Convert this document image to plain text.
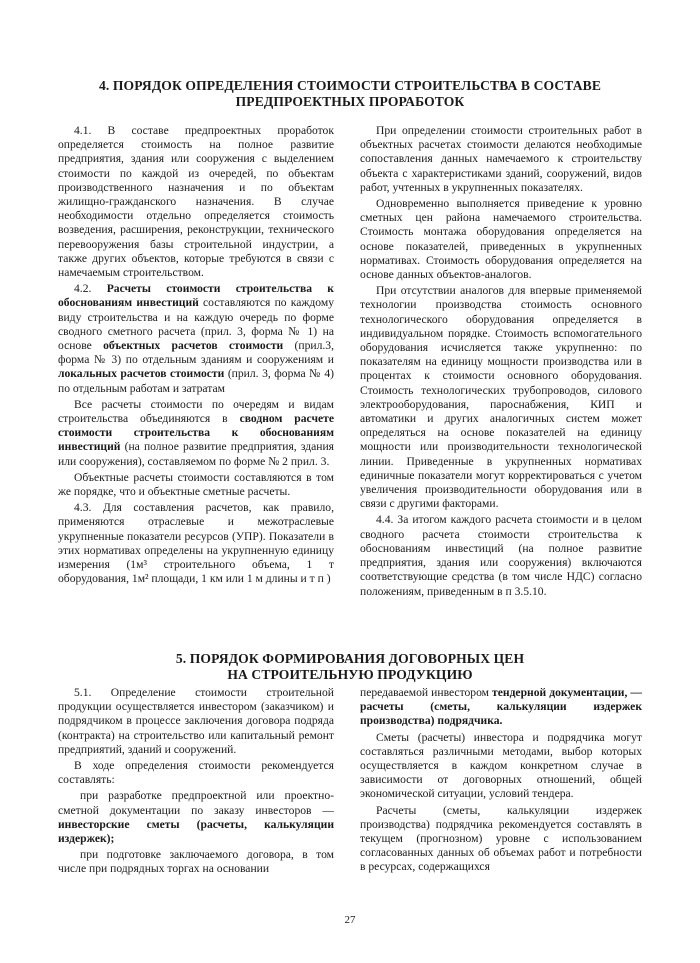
4. ПОРЯДОК ОПРЕДЕЛЕНИЯ СТОИМОСТИ СТРОИТЕЛЬСТВА В СОСТАВЕ
ПРЕДПРОЕКТНЫХ ПРОРАБОТОК

4.1. В составе предпроектных проработок определяется стоимость на полное развитие предприятия, здания или сооружения с выделением стоимости по каждой из очередей, по объектам производственного назначения и по объектам жилищно-гражданского назначения. В случае необходимости отдельно определяется стоимость возведения, расширения, реконструкции, технического перевооружения базы строительной индустрии, а также других объектов, которые требуются в связи с намечаемым строительством.

4.2. Расчеты стоимости строительства к обоснованиям инвестиций составляются по каждому виду строительства и на каждую очередь по форме сводного сметного расчета (прил. 3, форма № 1) на основе объектных расчетов стоимости (прил.3, форма № 3) по отдельным зданиям и сооружениям и локальных расчетов стоимости (прил. 3, форма № 4) по отдельным работам и затратам

Все расчеты стоимости по очередям и видам строительства объединяются в сводном расчете стоимости строительства к обоснованиям инвестиций (на полное развитие предприятия, здания или сооружения), составляемом по форме № 2 прил. 3.

Объектные расчеты стоимости составляются в том же порядке, что и объектные сметные расчеты.

4.3. Для составления расчетов, как правило, применяются отраслевые и межотраслевые укрупненные показатели ресурсов (УПР). Показатели в этих нормативах определены на укрупненную единицу измерения (1м³ строительного объема, 1 т оборудования, 1м² площади, 1 км или 1 м длины и т п )

При определении стоимости строительных работ в объектных расчетах стоимости делаются необходимые сопоставления данных намечаемого к строительству объекта с характеристиками зданий, сооружений, видов работ, учтенных в укрупненных показателях.

Одновременно выполняется приведение к уровню сметных цен района намечаемого строительства. Стоимость монтажа оборудования определяется на основе показателей, приведенных в укрупненных нормативах. Стоимость оборудования определяется на основе данных объектов-аналогов.

При отсутствии аналогов для впервые применяемой технологии производства стоимость основного технологического оборудования определяется в индивидуальном порядке. Стоимость вспомогательного оборудования исчисляется также укрупненно: по показателям на единицу мощности производства или в процентах к стоимости основного оборудования. Стоимость технологических трубопроводов, силового электрооборудования, пароснабжения, КИП и автоматики и других аналогичных систем может определяться на основе показателей на единицу мощности или производительности технологической линии. Приведенные в укрупненных нормативах единичные показатели могут корректироваться с учетом увеличения производительности оборудования или в связи с другими факторами.

4.4. За итогом каждого расчета стоимости и в целом сводного расчета стоимости строительства к обоснованиям инвестиций (на полное развитие предприятия, здания или сооружения) включаются соответствующие средства (в том числе НДС) согласно положениям, приведенным в п 3.5.10.

5. ПОРЯДОК ФОРМИРОВАНИЯ ДОГОВОРНЫХ ЦЕН
НА СТРОИТЕЛЬНУЮ ПРОДУКЦИЮ

5.1. Определение стоимости строительной продукции осуществляется инвестором (заказчиком) и подрядчиком в процессе заключения договора подряда (контракта) на строительство или капитальный ремонт предприятий, зданий и сооружений.

В ходе определения стоимости рекомендуется составлять:

при разработке предпроектной или проектно-сметной документации по заказу инвесторов — инвесторские сметы (расчеты, калькуляции издержек);

при подготовке заключаемого договора, в том числе при подрядных торгах на основании

передаваемой инвестором тендерной документации, — расчеты (сметы, калькуляции издержек производства) подрядчика.

Сметы (расчеты) инвестора и подрядчика могут составляться различными методами, выбор которых осуществляется в каждом конкретном случае в зависимости от договорных отношений, общей экономической ситуации, условий тендера.

Расчеты (сметы, калькуляции издержек производства) подрядчика рекомендуется составлять в текущем (прогнозном) уровне с использованием согласованных данных об объемах работ и потребности в ресурсах, содержащихся

27
